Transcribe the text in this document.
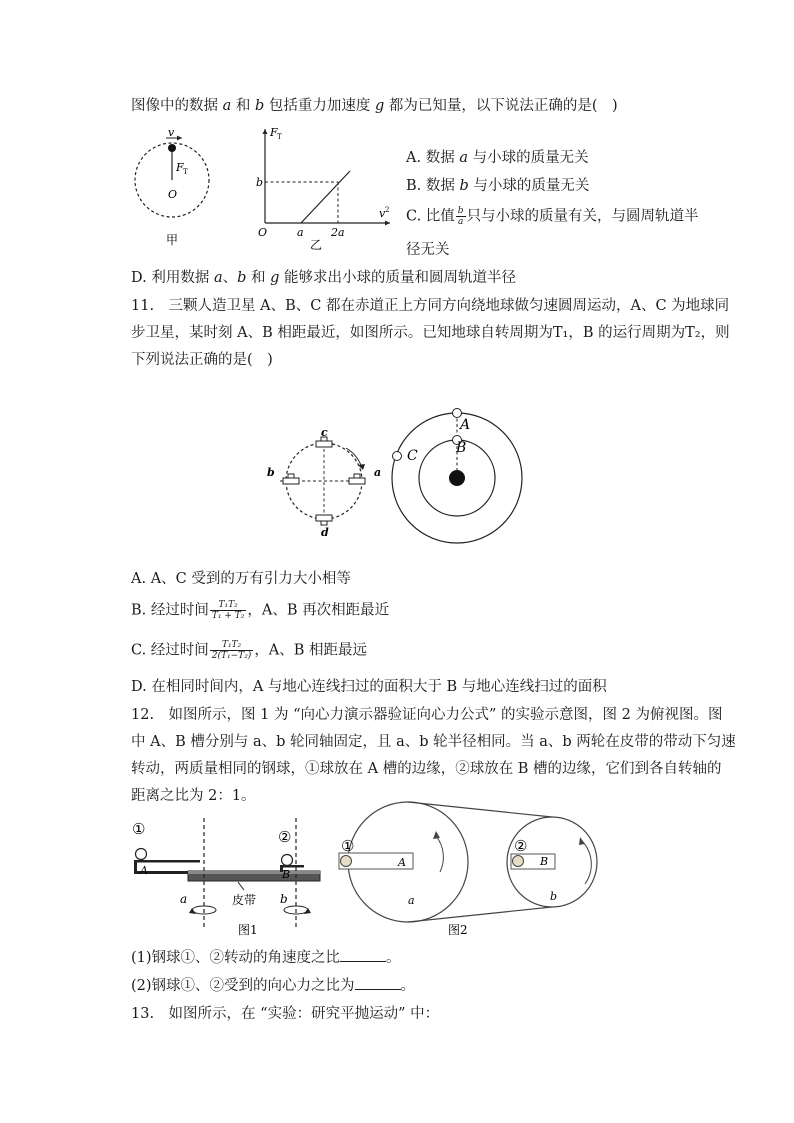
图像中的数据 a 和 b 包括重力加速度 g 都为已知量，以下说法正确的是(　)
v
F T
O
甲
F T
v 2
b
O	a 2a
乙
A. 数据 a 与小球的质量无关
B. 数据 b 与小球的质量无关
C. 比值 $\frac{b}{a}$ 只与小球的质量有关，与圆周轨道半
径无关
D. 利用数据 a、b 和 g 能够求出小球的质量和圆周轨道半径
11.　三颗人造卫星 A、B、C 都在赤道正上方同方向绕地球做匀速圆周运动，A、C 为地球同
步卫星，某时刻 A、B 相距最近，如图所示。已知地球自转周期为T₁，B 的运行周期为T₂，则
下列说法正确的是(　)
c
b	a
d
A
B
C
A. A、C 受到的万有引力大小相等
B. 经过时间 $\frac{\text{T₁T₂}}{\text{T₁ + T₂}}$ ，A、B 再次相距最近
C. 经过时间 $\frac{\text{T₁T₂}}{\text{2(T₁−T₂)}}$ ，A、B 相距最远
D. 在相同时间内，A 与地心连线扫过的面积大于 B 与地心连线扫过的面积
12.　如图所示，图 1 为 “向心力演示器验证向心力公式” 的实验示意图，图 2 为俯视图。图
中 A、B 槽分别与 a、b 轮同轴固定，且 a、b 轮半径相同。当 a、b 两轮在皮带的带动下匀速
转动，两质量相同的钢球，①球放在 A 槽的边缘，②球放在 B 槽的边缘，它们到各自转轴的
距离之比为 2：1。
①
A
②
B
a	b
皮带
图1
①
A
②
B
a	b
图2
(1)钢球①、②转动的角速度之比	。
(2)钢球①、②受到的向心力之比为	。
13.　如图所示，在 “实验：研究平抛运动” 中：
